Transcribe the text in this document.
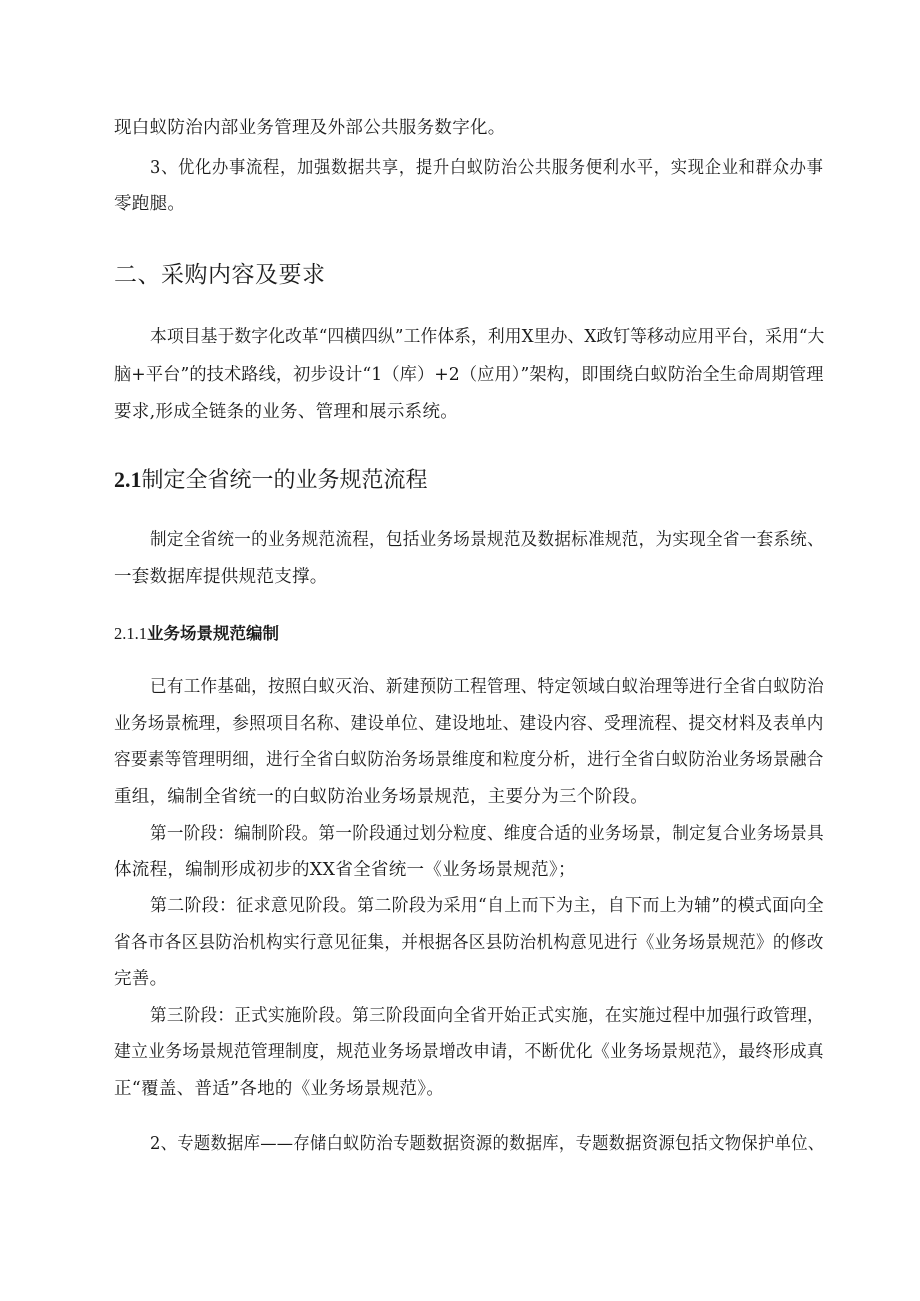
现白蚁防治内部业务管理及外部公共服务数字化。
3、优化办事流程，加强数据共享，提升白蚁防治公共服务便利水平，实现企业和群众办事
零跑腿。
二、采购内容及要求
本项目基于数字化改革“四横四纵”工作体系，利用X里办、X政钉等移动应用平台，采用“大
脑+平台”的技术路线，初步设计“1（库）+2（应用）”架构，即围绕白蚁防治全生命周期管理
要求,形成全链条的业务、管理和展示系统。
2.1制定全省统一的业务规范流程
制定全省统一的业务规范流程，包括业务场景规范及数据标准规范，为实现全省一套系统、
一套数据库提供规范支撑。
2.1.1业务场景规范编制
已有工作基础，按照白蚁灭治、新建预防工程管理、特定领域白蚁治理等进行全省白蚁防治
业务场景梳理，参照项目名称、建设单位、建设地址、建设内容、受理流程、提交材料及表单内
容要素等管理明细，进行全省白蚁防治务场景维度和粒度分析，进行全省白蚁防治业务场景融合
重组，编制全省统一的白蚁防治业务场景规范，主要分为三个阶段。
第一阶段：编制阶段。第一阶段通过划分粒度、维度合适的业务场景，制定复合业务场景具
体流程，编制形成初步的XX省全省统一《业务场景规范》；
第二阶段：征求意见阶段。第二阶段为采用“自上而下为主，自下而上为辅”的模式面向全
省各市各区县防治机构实行意见征集，并根据各区县防治机构意见进行《业务场景规范》的修改
完善。
第三阶段：正式实施阶段。第三阶段面向全省开始正式实施，在实施过程中加强行政管理，
建立业务场景规范管理制度，规范业务场景增改申请，不断优化《业务场景规范》，最终形成真
正“覆盖、普适”各地的《业务场景规范》。
2、专题数据库——存储白蚁防治专题数据资源的数据库，专题数据资源包括文物保护单位、
